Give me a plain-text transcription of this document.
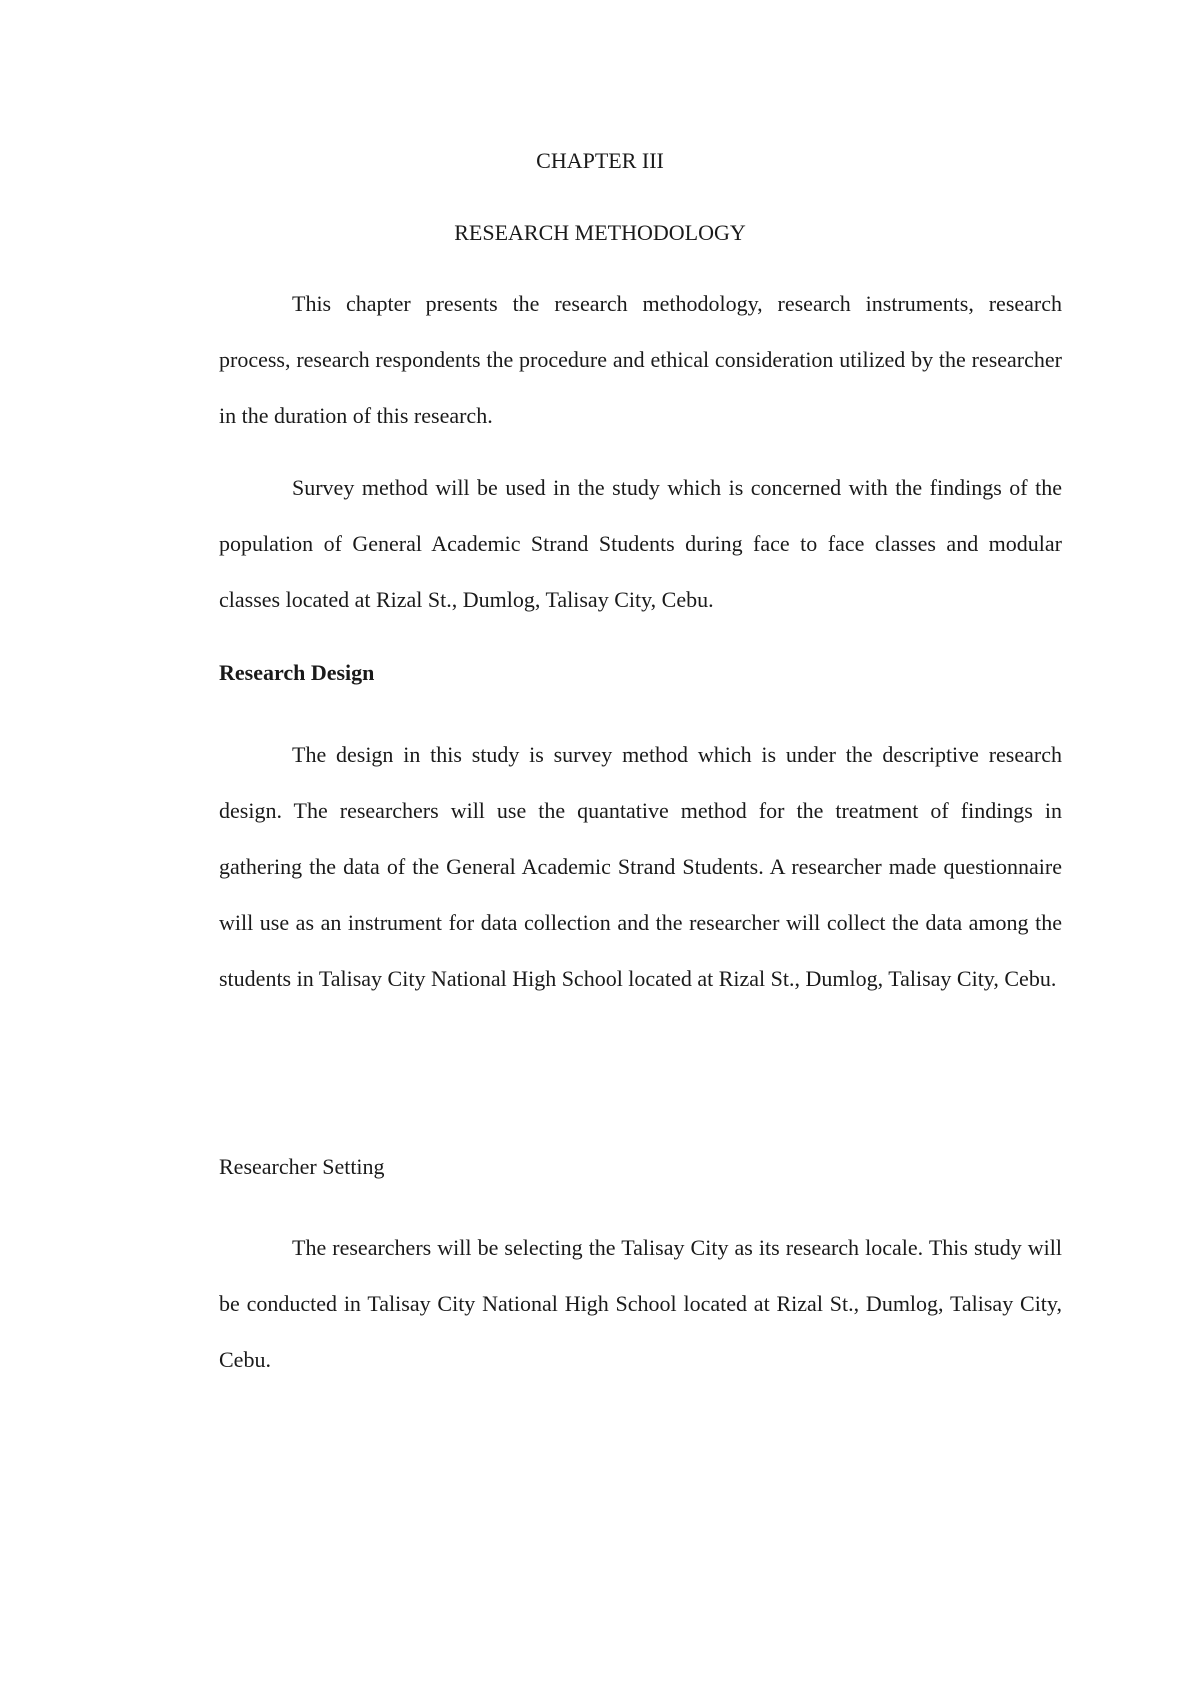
CHAPTER III
RESEARCH METHODOLOGY

This chapter presents the research methodology, research instruments, research process, research respondents the procedure and ethical consideration utilized by the researcher in the duration of this research.

Survey method will be used in the study which is concerned with the findings of the population of General Academic Strand Students during face to face classes and modular classes located at Rizal St., Dumlog, Talisay City, Cebu.

Research Design

The design in this study is survey method which is under the descriptive research design. The researchers will use the quantative method for the treatment of findings in gathering the data of the General Academic Strand Students. A researcher made questionnaire will use as an instrument for data collection and the researcher will collect the data among the students in Talisay City National High School located at Rizal St., Dumlog, Talisay City, Cebu.

Researcher Setting

The researchers will be selecting the Talisay City as its research locale. This study will be conducted in Talisay City National High School located at Rizal St., Dumlog, Talisay City, Cebu.
